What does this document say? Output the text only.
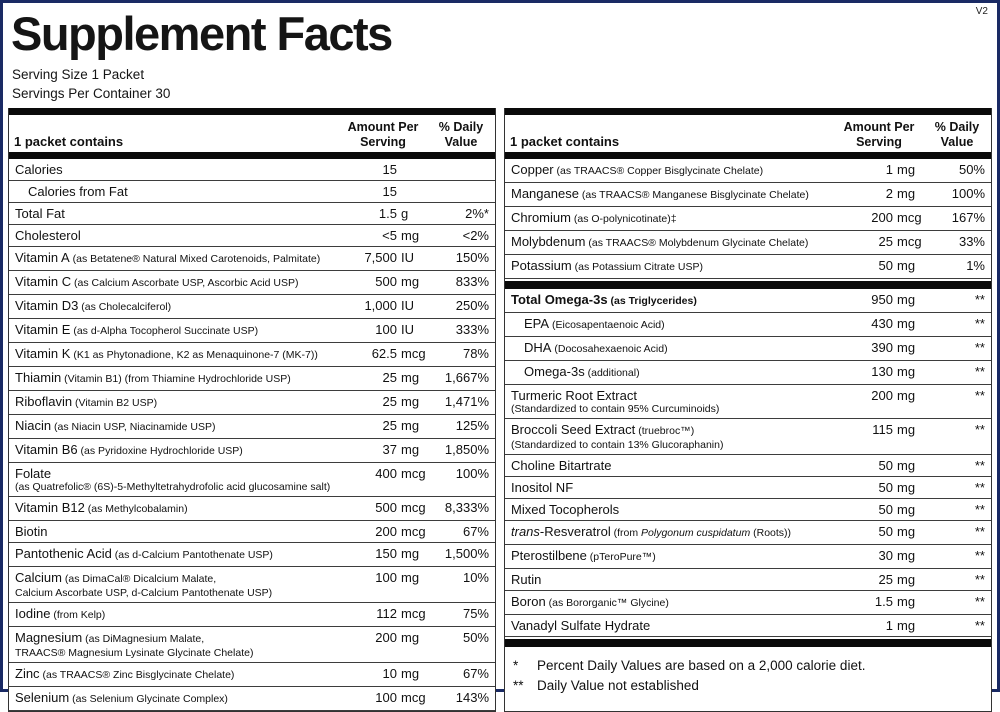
V2
Supplement Facts
Serving Size 1 Packet
Servings Per Container 30
1 packet contains
Amount Per
Serving
% Daily
Value
Calories	15
Calories from Fat	15
Total Fat	1.5 g	2%*
Cholesterol	<5 mg	<2%
Vitamin A (as Betatene® Natural Mixed Carotenoids, Palmitate)	7,500 IU	150%
Vitamin C (as Calcium Ascorbate USP, Ascorbic Acid USP)	500 mg	833%
Vitamin D3 (as Cholecalciferol)	1,000 IU	250%
Vitamin E (as d-Alpha Tocopherol Succinate USP)	100 IU	333%
Vitamin K (K1 as Phytonadione, K2 as Menaquinone-7 (MK-7))	62.5 mcg	78%
Thiamin (Vitamin B1) (from Thiamine Hydrochloride USP)	25 mg	1,667%
Riboflavin (Vitamin B2 USP)	25 mg	1,471%
Niacin (as Niacin USP, Niacinamide USP)	25 mg	125%
Vitamin B6 (as Pyridoxine Hydrochloride USP)	37 mg	1,850%
Folate
(as Quatrefolic® (6S)-5-Methyltetrahydrofolic acid glucosamine salt)
400 mcg	100%
Vitamin B12 (as Methylcobalamin)	500 mcg	8,333%
Biotin	200 mcg	67%
Pantothenic Acid (as d-Calcium Pantothenate USP)	150 mg	1,500%
Calcium (as DimaCal® Dicalcium Malate,
Calcium Ascorbate USP, d-Calcium Pantothenate USP)
100 mg	10%
Iodine (from Kelp)	112 mcg	75%
Magnesium (as DiMagnesium Malate,
TRAACS® Magnesium Lysinate Glycinate Chelate)
200 mg	50%
Zinc (as TRAACS® Zinc Bisglycinate Chelate)	10 mg	67%
Selenium (as Selenium Glycinate Complex)	100 mcg	143%
1 packet contains
Amount Per
Serving
% Daily
Value
Copper (as TRAACS® Copper Bisglycinate Chelate)	1 mg	50%
Manganese (as TRAACS® Manganese Bisglycinate Chelate)	2 mg	100%
Chromium (as O-polynicotinate)‡	200 mcg	167%
Molybdenum (as TRAACS® Molybdenum Glycinate Chelate)	25 mcg	33%
Potassium (as Potassium Citrate USP)	50 mg	1%
Total Omega-3s (as Triglycerides)	950 mg	**
EPA (Eicosapentaenoic Acid)	430 mg	**
DHA (Docosahexaenoic Acid)	390 mg	**
Omega-3s (additional)	130 mg	**
Turmeric Root Extract
(Standardized to contain 95% Curcuminoids)
200 mg	**
Broccoli Seed Extract (truebroc™)
(Standardized to contain 13% Glucoraphanin)
115 mg	**
Choline Bitartrate	50 mg	**
Inositol NF	50 mg	**
Mixed Tocopherols	50 mg	**
trans-Resveratrol (from Polygonum cuspidatum (Roots))	50 mg	**
Pterostilbene (pTeroPure™)	30 mg	**
Rutin	25 mg	**
Boron (as Bororganic™ Glycine)	1.5 mg	**
Vanadyl Sulfate Hydrate	1 mg	**
*	Percent Daily Values are based on a 2,000 calorie diet.
** Daily Value not established
